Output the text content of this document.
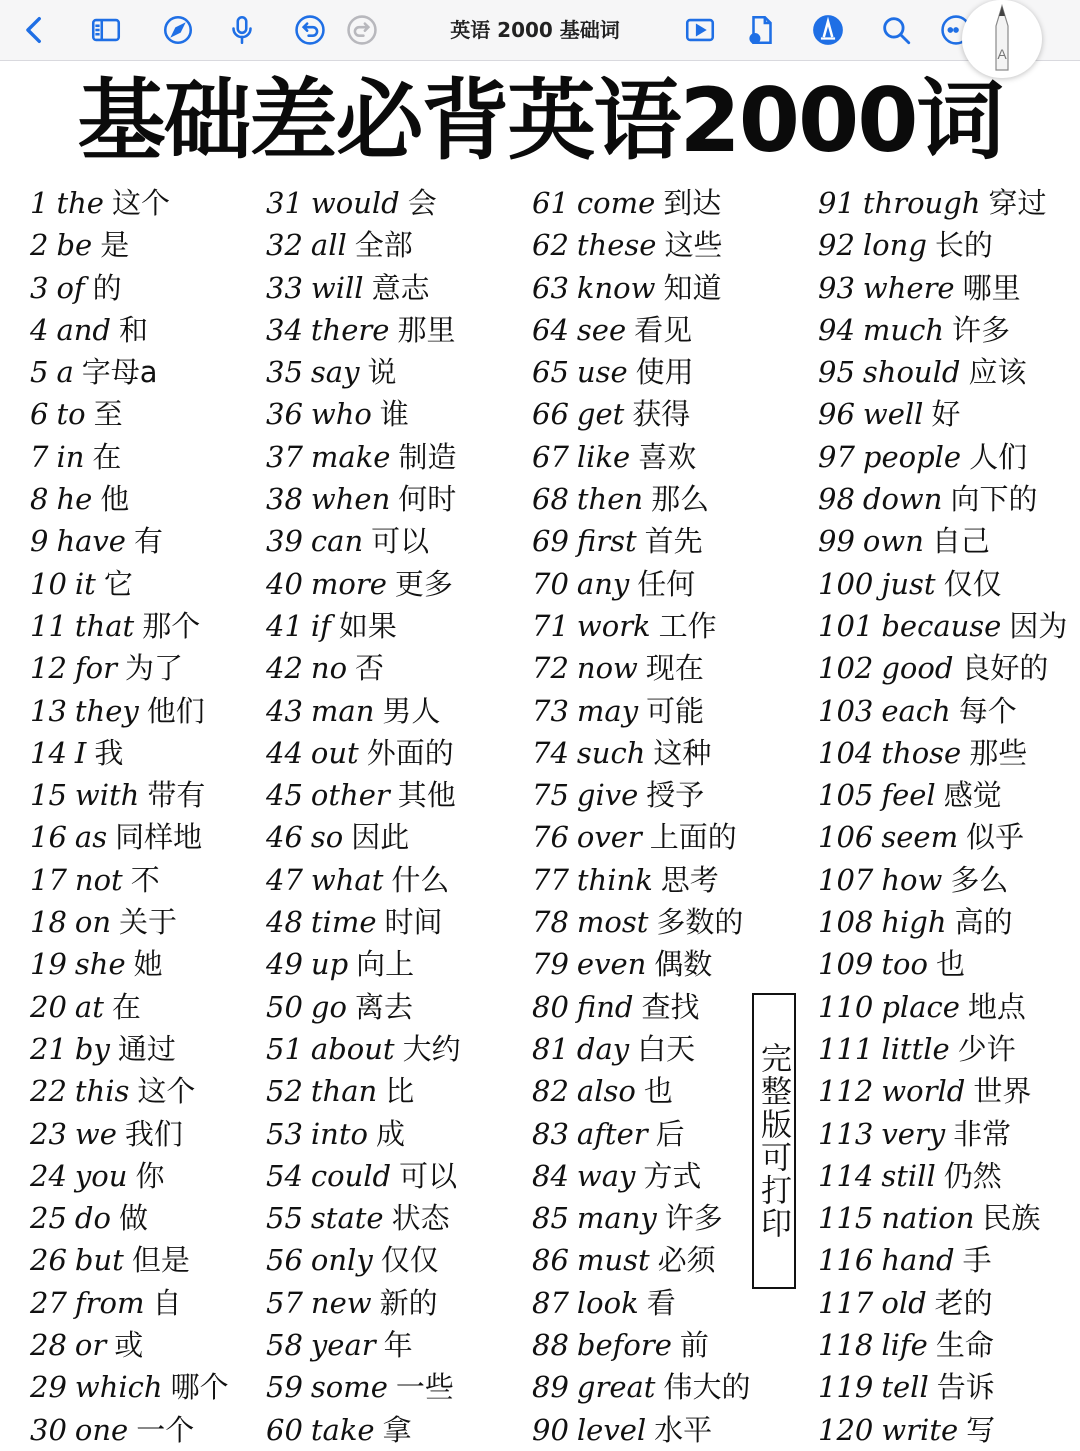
英语 2000 基础词
A
基础差必背英语2000词
1 the 这个
2 be 是
3 of 的
4 and 和
5 a 字母a
6 to 至
7 in 在
8 he 他
9 have 有
10 it 它
11 that 那个
12 for 为了
13 they 他们
14 I 我
15 with 带有
16 as 同样地
17 not 不
18 on 关于
19 she 她
20 at 在
21 by 通过
22 this 这个
23 we 我们
24 you 你
25 do 做
26 but 但是
27 from 自
28 or 或
29 which 哪个
30 one 一个
31 would 会
32 all 全部
33 will 意志
34 there 那里
35 say 说
36 who 谁
37 make 制造
38 when 何时
39 can 可以
40 more 更多
41 if 如果
42 no 否
43 man 男人
44 out 外面的
45 other 其他
46 so 因此
47 what 什么
48 time 时间
49 up 向上
50 go 离去
51 about 大约
52 than 比
53 into 成
54 could 可以
55 state 状态
56 only 仅仅
57 new 新的
58 year 年
59 some 一些
60 take 拿
61 come 到达
62 these 这些
63 know 知道
64 see 看见
65 use 使用
66 get 获得
67 like 喜欢
68 then 那么
69 first 首先
70 any 任何
71 work 工作
72 now 现在
73 may 可能
74 such 这种
75 give 授予
76 over 上面的
77 think 思考
78 most 多数的
79 even 偶数
80 find 查找
81 day 白天
82 also 也
83 after 后
84 way 方式
85 many 许多
86 must 必须
87 look 看
88 before 前
89 great 伟大的
90 level 水平
91 through 穿过
92 long 长的
93 where 哪里
94 much 许多
95 should 应该
96 well 好
97 people 人们
98 down 向下的
99 own 自己
100 just 仅仅
101 because 因为
102 good 良好的
103 each 每个
104 those 那些
105 feel 感觉
106 seem 似乎
107 how 多么
108 high 高的
109 too 也
110 place 地点
111 little 少许
112 world 世界
113 very 非常
114 still 仍然
115 nation 民族
116 hand 手
117 old 老的
118 life 生命
119 tell 告诉
120 write 写
完整版可打印
